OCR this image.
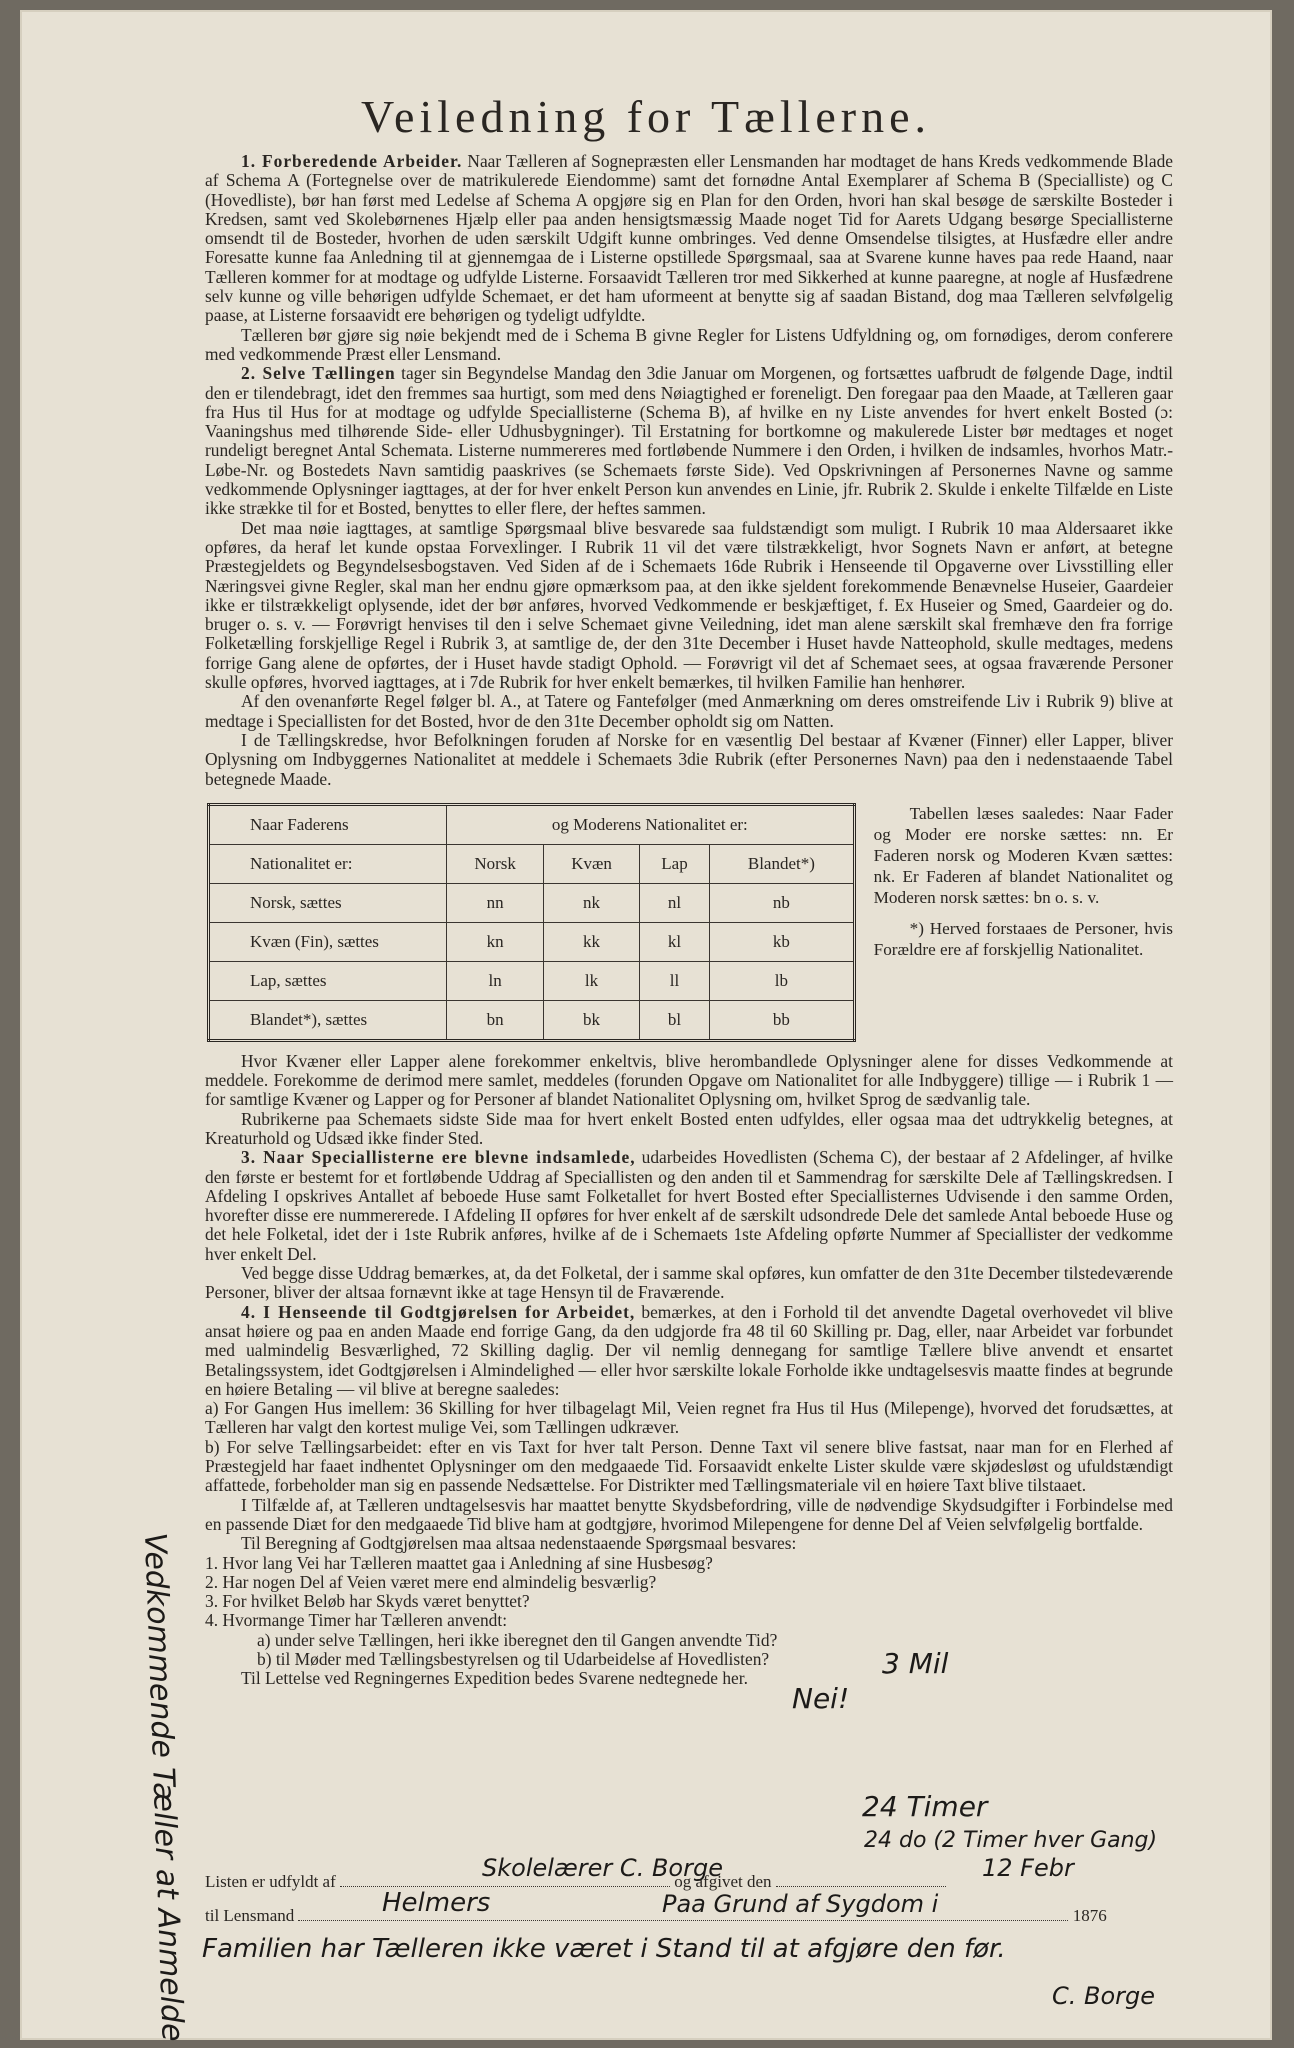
Veiledning for Tællerne.

1. Forberedende Arbeider. Naar Tælleren af Sognepræsten eller Lensmanden har modtaget de hans Kreds vedkommende Blade af Schema A (Fortegnelse over de matrikulerede Eiendomme) samt det fornødne Antal Exemplarer af Schema B (Specialliste) og C (Hovedliste), bør han først med Ledelse af Schema A opgjøre sig en Plan for den Orden, hvori han skal besøge de særskilte Bosteder i Kredsen, samt ved Skolebørnenes Hjælp eller paa anden hensigtsmæssig Maade noget Tid for Aarets Udgang besørge Speciallisterne omsendt til de Bosteder, hvorhen de uden særskilt Udgift kunne ombringes. Ved denne Omsendelse tilsigtes, at Husfædre eller andre Foresatte kunne faa Anledning til at gjennemgaa de i Listerne opstillede Spørgsmaal, saa at Svarene kunne haves paa rede Haand, naar Tælleren kommer for at modtage og udfylde Listerne. Forsaavidt Tælleren tror med Sikkerhed at kunne paaregne, at nogle af Husfædrene selv kunne og ville behørigen udfylde Schemaet, er det ham uformeent at benytte sig af saadan Bistand, dog maa Tælleren selvfølgelig paase, at Listerne forsaavidt ere behørigen og tydeligt udfyldte.

Tælleren bør gjøre sig nøie bekjendt med de i Schema B givne Regler for Listens Udfyldning og, om fornødiges, derom conferere med vedkommende Præst eller Lensmand.

2. Selve Tællingen tager sin Begyndelse Mandag den 3die Januar om Morgenen, og fortsættes uafbrudt de følgende Dage, indtil den er tilendebragt, idet den fremmes saa hurtigt, som med dens Nøiagtighed er foreneligt. Den foregaar paa den Maade, at Tælleren gaar fra Hus til Hus for at modtage og udfylde Speciallisterne (Schema B), af hvilke en ny Liste anvendes for hvert enkelt Bosted (ɔ: Vaaningshus med tilhørende Side- eller Udhusbygninger). Til Erstatning for bortkomne og makulerede Lister bør medtages et noget rundeligt beregnet Antal Schemata. Listerne nummereres med fortløbende Nummere i den Orden, i hvilken de indsamles, hvorhos Matr.-Løbe-Nr. og Bostedets Navn samtidig paaskrives (se Schemaets første Side). Ved Opskrivningen af Personernes Navne og samme vedkommende Oplysninger iagttages, at der for hver enkelt Person kun anvendes en Linie, jfr. Rubrik 2. Skulde i enkelte Tilfælde en Liste ikke strække til for et Bosted, benyttes to eller flere, der heftes sammen.

Det maa nøie iagttages, at samtlige Spørgsmaal blive besvarede saa fuldstændigt som muligt. I Rubrik 10 maa Aldersaaret ikke opføres, da heraf let kunde opstaa Forvexlinger. I Rubrik 11 vil det være tilstrækkeligt, hvor Sognets Navn er anført, at betegne Præstegjeldets og Begyndelsesbogstaven. Ved Siden af de i Schemaets 16de Rubrik i Henseende til Opgaverne over Livsstilling eller Næringsvei givne Regler, skal man her endnu gjøre opmærksom paa, at den ikke sjeldent forekommende Benævnelse Huseier, Gaardeier ikke er tilstrækkeligt oplysende, idet der bør anføres, hvorved Vedkommende er beskjæftiget, f. Ex Huseier og Smed, Gaardeier og do. bruger o. s. v. — Forøvrigt henvises til den i selve Schemaet givne Veiledning, idet man alene særskilt skal fremhæve den fra forrige Folketælling forskjellige Regel i Rubrik 3, at samtlige de, der den 31te December i Huset havde Natteophold, skulle medtages, medens forrige Gang alene de opførtes, der i Huset havde stadigt Ophold. — Forøvrigt vil det af Schemaet sees, at ogsaa fraværende Personer skulle opføres, hvorved iagttages, at i 7de Rubrik for hver enkelt bemærkes, til hvilken Familie han henhører.

Af den ovenanførte Regel følger bl. A., at Tatere og Fantefølger (med Anmærkning om deres omstreifende Liv i Rubrik 9) blive at medtage i Speciallisten for det Bosted, hvor de den 31te December opholdt sig om Natten.

I de Tællingskredse, hvor Befolkningen foruden af Norske for en væsentlig Del bestaar af Kvæner (Finner) eller Lapper, bliver Oplysning om Indbyggernes Nationalitet at meddele i Schemaets 3die Rubrik (efter Personernes Navn) paa den i nedenstaaende Tabel betegnede Maade.

Naar Faderens	og Moderens Nationalitet er:			
Nationalitet er:	Norsk	Kvæn	Lap	Blandet*)
Norsk, sættes	nn	nk	nl	nb
Kvæn (Fin), sættes	kn	kk	kl	kb
Lap, sættes	ln	lk	ll	lb
Blandet*), sættes	bn	bk	bl	bb

Tabellen læses saaledes: Naar Fader og Moder ere norske sættes: nn. Er Faderen norsk og Moderen Kvæn sættes: nk. Er Faderen af blandet Nationalitet og Moderen norsk sættes: bn o. s. v.

*) Herved forstaaes de Personer, hvis Forældre ere af forskjellig Nationalitet.

Hvor Kvæner eller Lapper alene forekommer enkeltvis, blive herombandlede Oplysninger alene for disses Vedkommende at meddele. Forekomme de derimod mere samlet, meddeles (forunden Opgave om Nationalitet for alle Indbyggere) tillige — i Rubrik 1 — for samtlige Kvæner og Lapper og for Personer af blandet Nationalitet Oplysning om, hvilket Sprog de sædvanlig tale.

Rubrikerne paa Schemaets sidste Side maa for hvert enkelt Bosted enten udfyldes, eller ogsaa maa det udtrykkelig betegnes, at Kreaturhold og Udsæd ikke finder Sted.

3. Naar Speciallisterne ere blevne indsamlede, udarbeides Hovedlisten (Schema C), der bestaar af 2 Afdelinger, af hvilke den første er bestemt for et fortløbende Uddrag af Speciallisten og den anden til et Sammendrag for særskilte Dele af Tællingskredsen. I Afdeling I opskrives Antallet af beboede Huse samt Folketallet for hvert Bosted efter Speciallisternes Udvisende i den samme Orden, hvorefter disse ere nummererede. I Afdeling II opføres for hver enkelt af de særskilt udsondrede Dele det samlede Antal beboede Huse og det hele Folketal, idet der i 1ste Rubrik anføres, hvilke af de i Schemaets 1ste Afdeling opførte Nummer af Speciallister der vedkomme hver enkelt Del.

Ved begge disse Uddrag bemærkes, at, da det Folketal, der i samme skal opføres, kun omfatter de den 31te December tilstedeværende Personer, bliver der altsaa fornævnt ikke at tage Hensyn til de Fraværende.

4. I Henseende til Godtgjørelsen for Arbeidet, bemærkes, at den i Forhold til det anvendte Dagetal overhovedet vil blive ansat høiere og paa en anden Maade end forrige Gang, da den udgjorde fra 48 til 60 Skilling pr. Dag, eller, naar Arbeidet var forbundet med ualmindelig Besværlighed, 72 Skilling daglig. Der vil nemlig dennegang for samtlige Tællere blive anvendt et ensartet Betalingssystem, idet Godtgjørelsen i Almindelighed — eller hvor særskilte lokale Forholde ikke undtagelsesvis maatte findes at begrunde en høiere Betaling — vil blive at beregne saaledes:

a) For Gangen Hus imellem: 36 Skilling for hver tilbagelagt Mil, Veien regnet fra Hus til Hus (Milepenge), hvorved det forudsættes, at Tælleren har valgt den kortest mulige Vei, som Tællingen udkræver.

b) For selve Tællingsarbeidet: efter en vis Taxt for hver talt Person. Denne Taxt vil senere blive fastsat, naar man for en Flerhed af Præstegjeld har faaet indhentet Oplysninger om den medgaaede Tid. Forsaavidt enkelte Lister skulde være skjødesløst og ufuldstændigt affattede, forbeholder man sig en passende Nedsættelse. For Distrikter med Tællingsmateriale vil en høiere Taxt blive tilstaaet.

I Tilfælde af, at Tælleren undtagelsesvis har maattet benytte Skydsbefordring, ville de nødvendige Skydsudgifter i Forbindelse med en passende Diæt for den medgaaede Tid blive ham at godtgjøre, hvorimod Milepengene for denne Del af Veien selvfølgelig bortfalde.

Til Beregning af Godtgjørelsen maa altsaa nedenstaaende Spørgsmaal besvares:

1. Hvor lang Vei har Tælleren maattet gaa i Anledning af sine Husbesøg?

2. Har nogen Del af Veien været mere end almindelig besværlig?

3. For hvilket Beløb har Skyds været benyttet?

4. Hvormange Timer har Tælleren anvendt:

a) under selve Tællingen, heri ikke iberegnet den til Gangen anvendte Tid?

b) til Møder med Tællingsbestyrelsen og til Udarbeidelse af Hovedlisten?

Til Lettelse ved Regningernes Expedition bedes Svarene nedtegnede her.	3 Mil
Nei!
24 Timer
24 do (2 Timer hver Gang)
Listen er udfyldt af	og afgivet den
Skolelærer C. Borge	12 Febr
til Lensmand	1876
Helmers	Paa Grund af Sygdom i
Familien har Tælleren ikke været i Stand til at afgjøre den før.
C. Borge
Vedkommende Tæller at Anmelde
